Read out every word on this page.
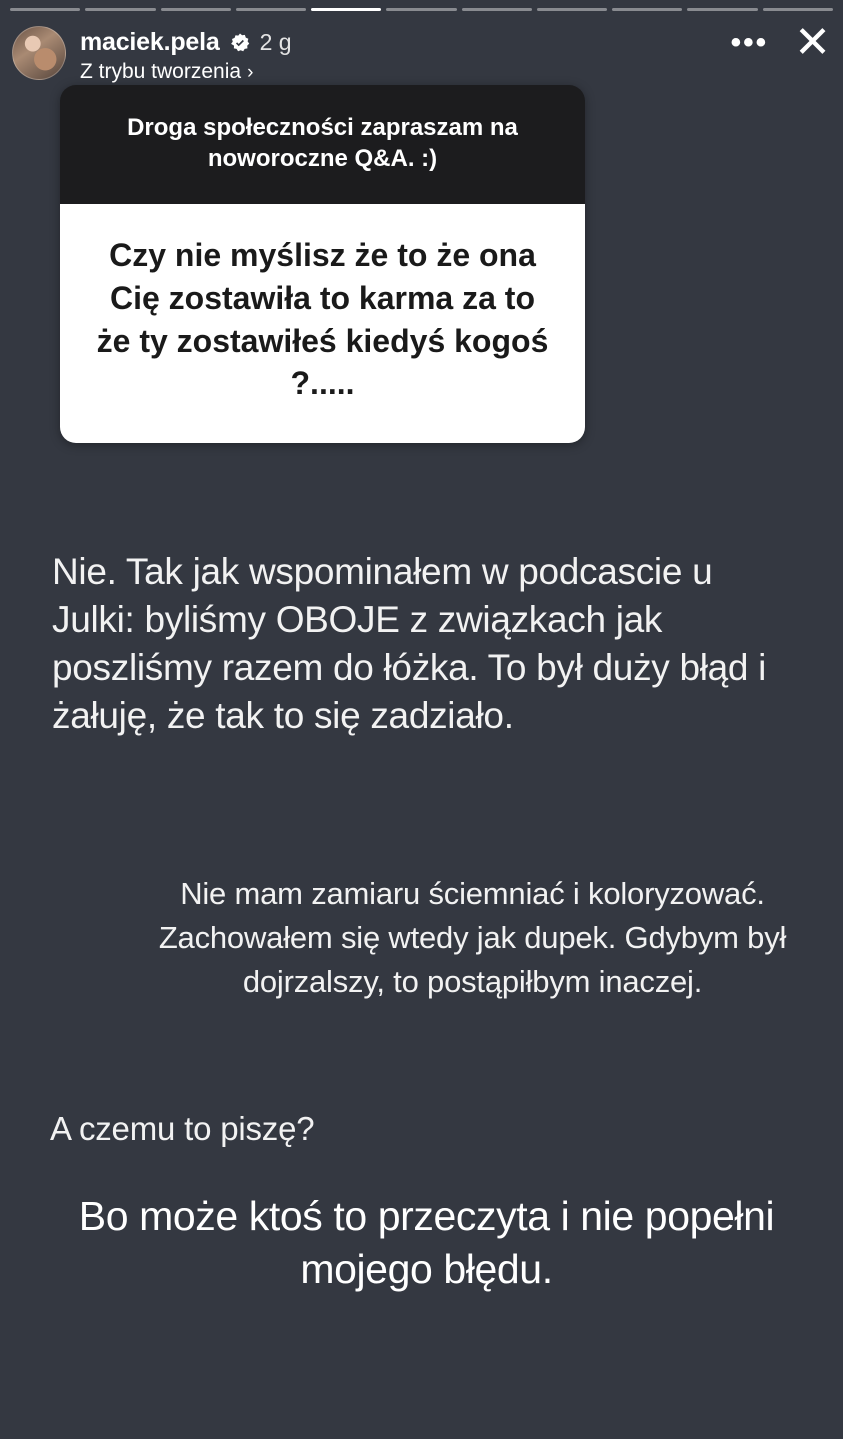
maciek.pela 2 g
Z trybu tworzenia ›
••• ✕
Droga społeczności zapraszam na noworoczne Q&A. :)
Czy nie myślisz że to że ona Cię zostawiła to karma za to że ty zostawiłeś kiedyś kogoś ?.....
Nie. Tak jak wspominałem w podcascie u Julki: byliśmy OBOJE z związkach jak poszliśmy razem do łóżka. To był duży błąd i żałuję, że tak to się zadziało.
Nie mam zamiaru ściemniać i koloryzować. Zachowałem się wtedy jak dupek. Gdybym był dojrzalszy, to postąpiłbym inaczej.
A czemu to piszę?
Bo może ktoś to przeczyta i nie popełni mojego błędu.
